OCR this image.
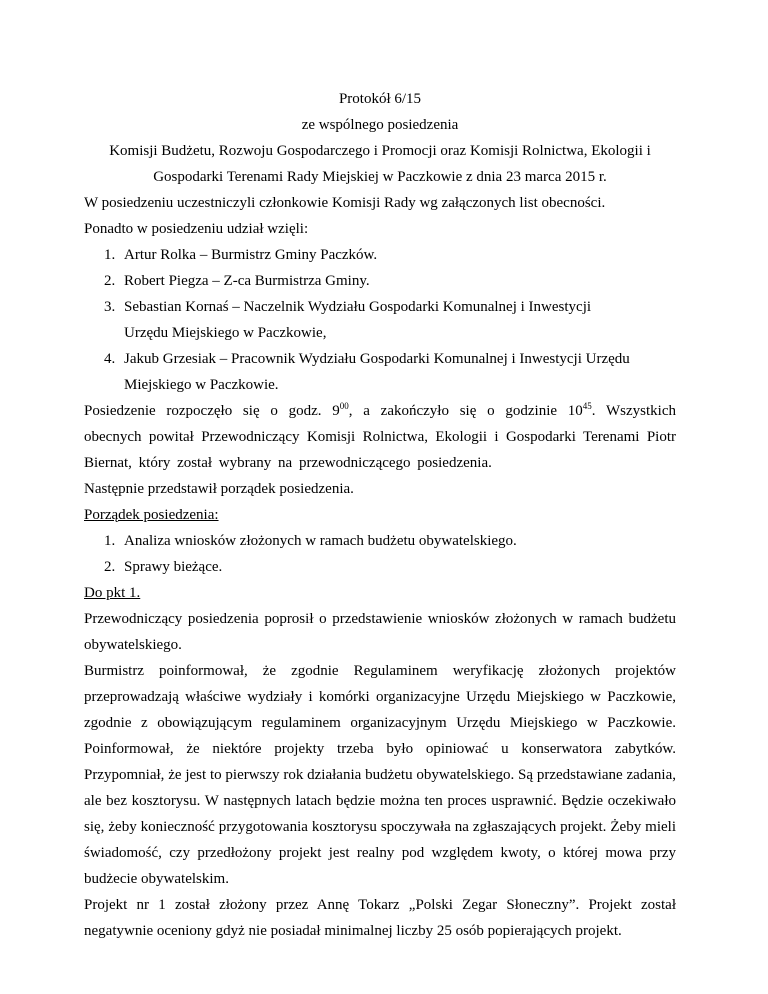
Protokół 6/15
ze wspólnego posiedzenia
Komisji Budżetu, Rozwoju Gospodarczego i Promocji oraz Komisji Rolnictwa, Ekologii i
Gospodarki Terenami Rady Miejskiej w Paczkowie z dnia 23 marca 2015 r.
W posiedzeniu uczestniczyli członkowie Komisji Rady wg załączonych list obecności.
Ponadto w posiedzeniu udział wzięli:
1. Artur Rolka – Burmistrz Gminy Paczków.
2. Robert Piegza – Z-ca Burmistrza Gminy.
3. Sebastian Kornaś – Naczelnik Wydziału Gospodarki Komunalnej i Inwestycji Urzędu Miejskiego w Paczkowie,
4. Jakub Grzesiak – Pracownik Wydziału Gospodarki Komunalnej i Inwestycji Urzędu Miejskiego w Paczkowie.
Posiedzenie rozpoczęło się o godz. $9^{00}$, a zakończyło się o godzinie $10^{45}$. Wszystkich obecnych powitał Przewodniczący Komisji Rolnictwa, Ekologii i Gospodarki Terenami Piotr Biernat, który został wybrany na przewodniczącego posiedzenia.
Następnie przedstawił porządek posiedzenia.
Porządek posiedzenia:
1. Analiza wniosków złożonych w ramach budżetu obywatelskiego.
2. Sprawy bieżące.
Do pkt 1.
Przewodniczący posiedzenia poprosił o przedstawienie wniosków złożonych w ramach budżetu obywatelskiego.
Burmistrz poinformował, że zgodnie Regulaminem weryfikację złożonych projektów przeprowadzają właściwe wydziały i komórki organizacyjne Urzędu Miejskiego w Paczkowie, zgodnie z obowiązującym regulaminem organizacyjnym Urzędu Miejskiego w Paczkowie. Poinformował, że niektóre projekty trzeba było opiniować u konserwatora zabytków. Przypomniał, że jest to pierwszy rok działania budżetu obywatelskiego. Są przedstawiane zadania, ale bez kosztorysu. W następnych latach będzie można ten proces usprawnić. Będzie oczekiwało się, żeby konieczność przygotowania kosztorysu spoczywała na zgłaszających projekt. Żeby mieli świadomość, czy przedłożony projekt jest realny pod względem kwoty, o której mowa przy budżecie obywatelskim.
Projekt nr 1 został złożony przez Annę Tokarz „Polski Zegar Słoneczny”. Projekt został negatywnie oceniony gdyż nie posiadał minimalnej liczby 25 osób popierających projekt.
